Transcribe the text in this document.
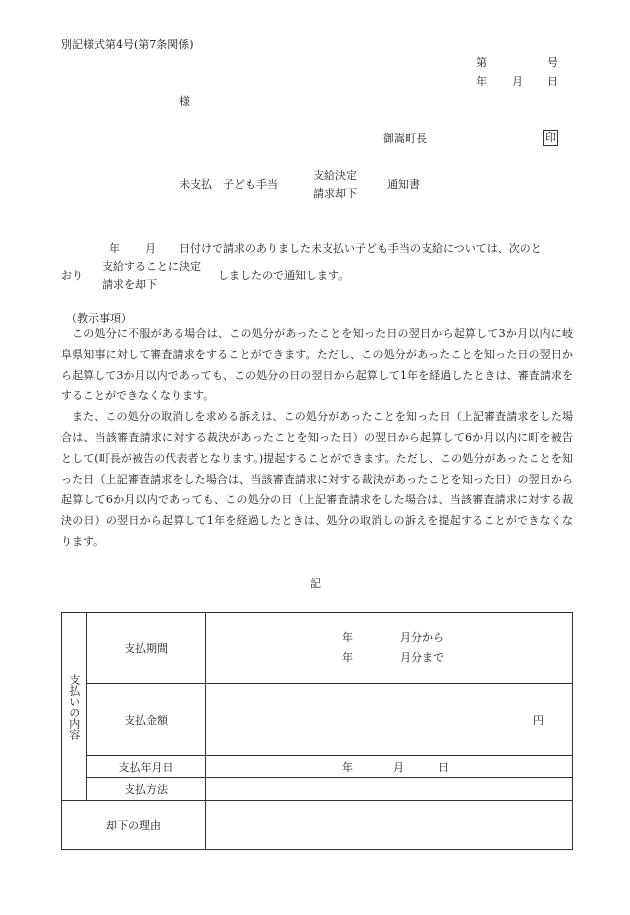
別記様式第4号(第7条関係)
第	号
年 月 日
様
御嵩町長	印
未支払　子ども手当
支給決定
請求却下
通知書
年 月 日付けで請求のありました未支払い子ども手当の支給については、次のと
おり
支給することに決定
請求を却下
しましたので通知します。
（教示事項）

この処分に不服がある場合は、この処分があったことを知った日の翌日から起算して3か月以内に岐阜県知事に対して審査請求をすることができます。ただし、この処分があったことを知った日の翌日から起算して3か月以内であっても、この処分の日の翌日から起算して1年を経過したときは、審査請求をすることができなくなります。

また、この処分の取消しを求める訴えは、この処分があったことを知った日（上記審査請求をした場合は、当該審査請求に対する裁決があったことを知った日）の翌日から起算して6か月以内に町を被告として(町長が被告の代表者となります。)提起することができます。ただし、この処分があったことを知った日（上記審査請求をした場合は、当該審査請求に対する裁決があったことを知った日）の翌日から起算して6か月以内であっても、この処分の日（上記審査請求をした場合は、当該審査請求に対する裁決の日）の翌日から起算して1年を経過したときは、処分の取消しの訴えを提起することができなくなります。

記
支払いの内容	支払期間	年 月分から
年 月分まで

	支払金額	円

	支払年月日	年 月 日

	支払方法	
却下の理由		
